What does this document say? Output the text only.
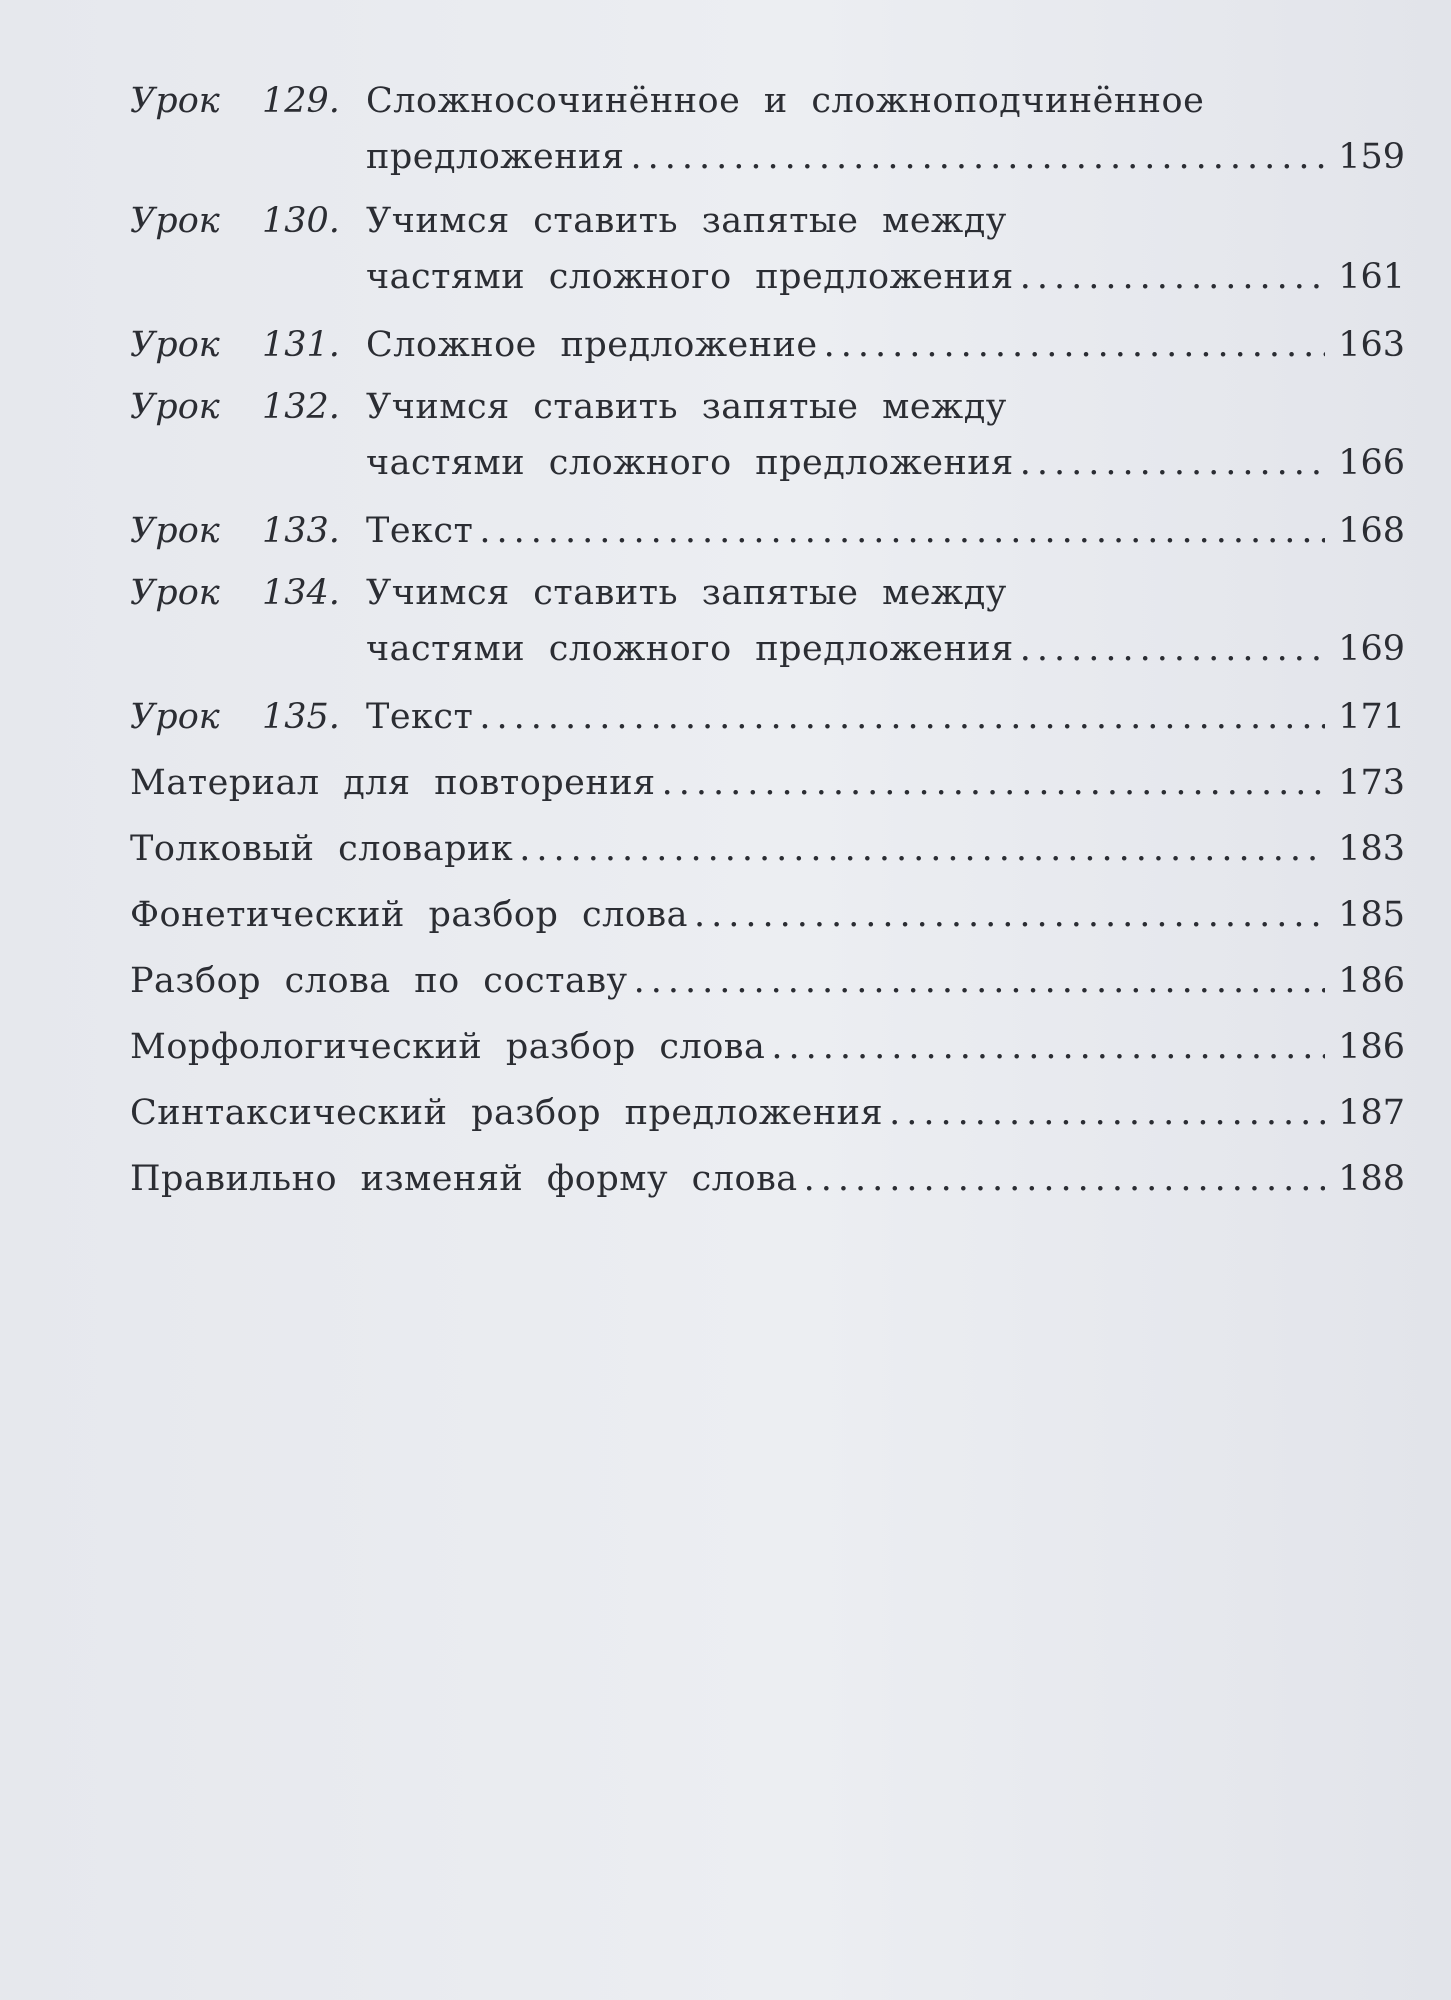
Урок	129. Сложносочинённое и сложноподчинённое
предложения .....	159
Урок	130. Учимся ставить запятые между
частями сложного предложения .....	161
Урок	131. Сложное предложение .....	163
Урок	132. Учимся ставить запятые между
частями сложного предложения .....	166
Урок	133. Текст .....	168
Урок	134. Учимся ставить запятые между
частями сложного предложения .....	169
Урок	135. Текст .....	171
Материал для повторения .....	173
Толковый словарик .....	183
Фонетический разбор слова .....	185
Разбор слова по составу .....	186
Морфологический разбор слова .....	186
Синтаксический разбор предложения .....	187
Правильно изменяй форму слова .....	188
